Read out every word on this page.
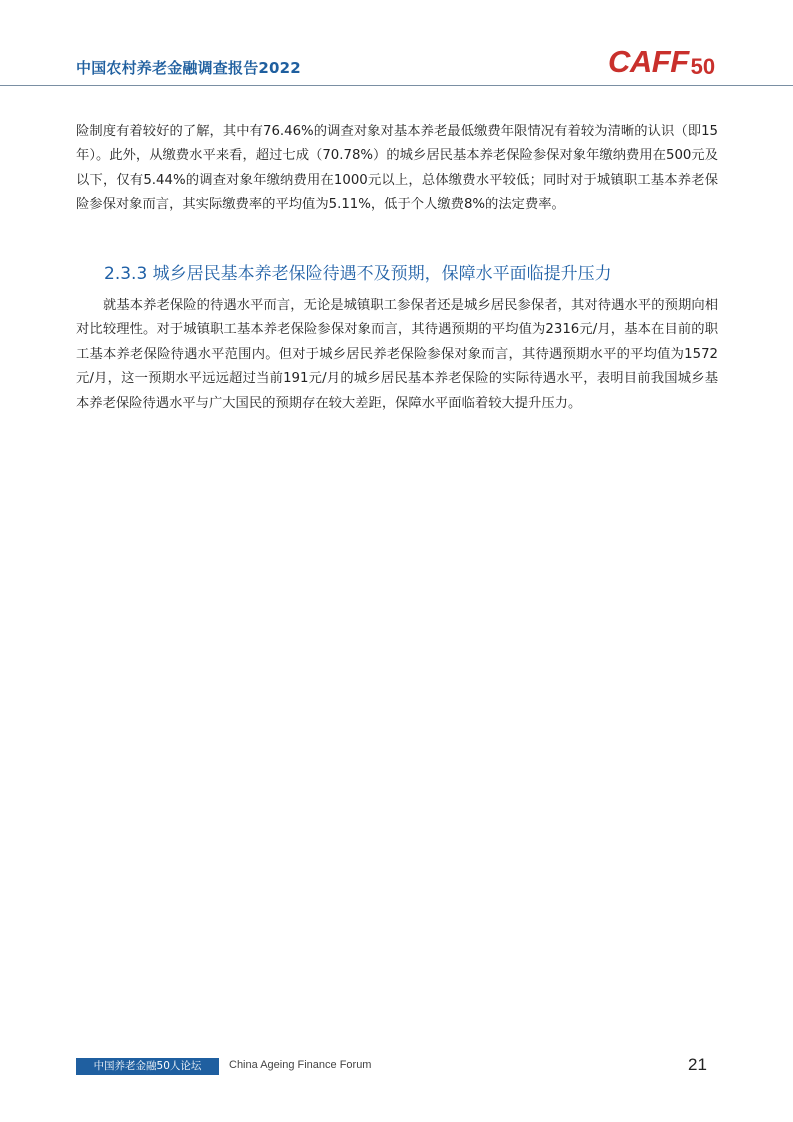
中国农村养老金融调查报告2022	CAFF50

险制度有着较好的了解，其中有76.46%的调查对象对基本养老最低缴费年限情况有着较为清晰的认识（即15年）。此外，从缴费水平来看，超过七成（70.78%）的城乡居民基本养老保险参保对象年缴纳费用在500元及以下，仅有5.44%的调查对象年缴纳费用在1000元以上，总体缴费水平较低；同时对于城镇职工基本养老保险参保对象而言，其实际缴费率的平均值为5.11%，低于个人缴费8%的法定费率。

2.3.3 城乡居民基本养老保险待遇不及预期，保障水平面临提升压力

就基本养老保险的待遇水平而言，无论是城镇职工参保者还是城乡居民参保者，其对待遇水平的预期向相对比较理性。对于城镇职工基本养老保险参保对象而言，其待遇预期的平均值为2316元/月，基本在目前的职工基本养老保险待遇水平范围内。但对于城乡居民养老保险参保对象而言，其待遇预期水平的平均值为1572元/月，这一预期水平远远超过当前191元/月的城乡居民基本养老保险的实际待遇水平，表明目前我国城乡基本养老保险待遇水平与广大国民的预期存在较大差距，保障水平面临着较大提升压力。

中国养老金融50人论坛	China Ageing Finance Forum	21
